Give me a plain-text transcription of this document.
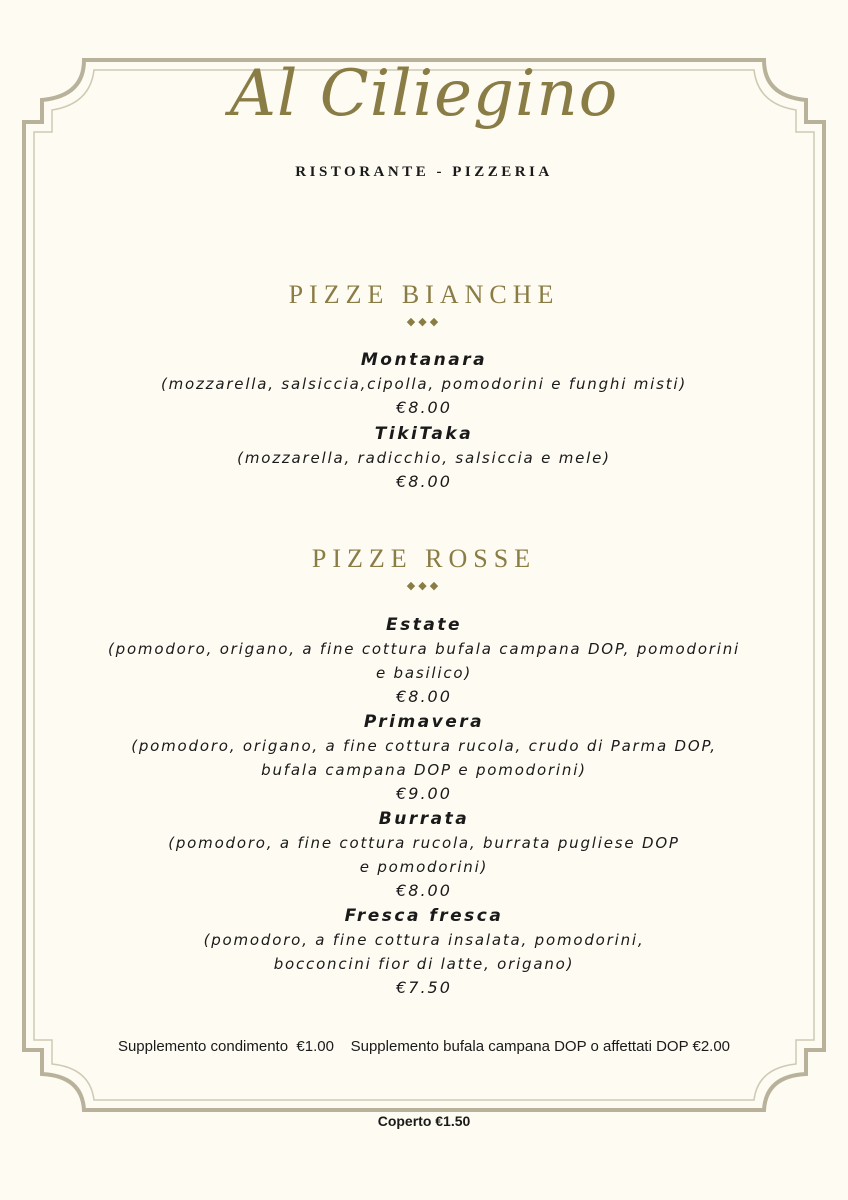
Al Ciliegino
RISTORANTE - PIZZERIA
PIZZE BIANCHE
◆◆◆
Montanara
(mozzarella, salsiccia,cipolla, pomodorini e funghi misti)
€8.00
TikiTaka
(mozzarella, radicchio, salsiccia e mele)
€8.00
PIZZE ROSSE
◆◆◆
Estate
(pomodoro, origano, a fine cottura bufala campana DOP, pomodorini
e basilico)
€8.00
Primavera
(pomodoro, origano, a fine cottura rucola, crudo di Parma DOP,
bufala campana DOP e pomodorini)
€9.00
Burrata
(pomodoro, a fine cottura rucola, burrata pugliese DOP
e pomodorini)
€8.00
Fresca fresca
(pomodoro, a fine cottura insalata, pomodorini,
bocconcini fior di latte, origano)
€7.50
Supplemento condimento  €1.00    Supplemento bufala campana DOP o affettati DOP €2.00
Coperto €1.50
